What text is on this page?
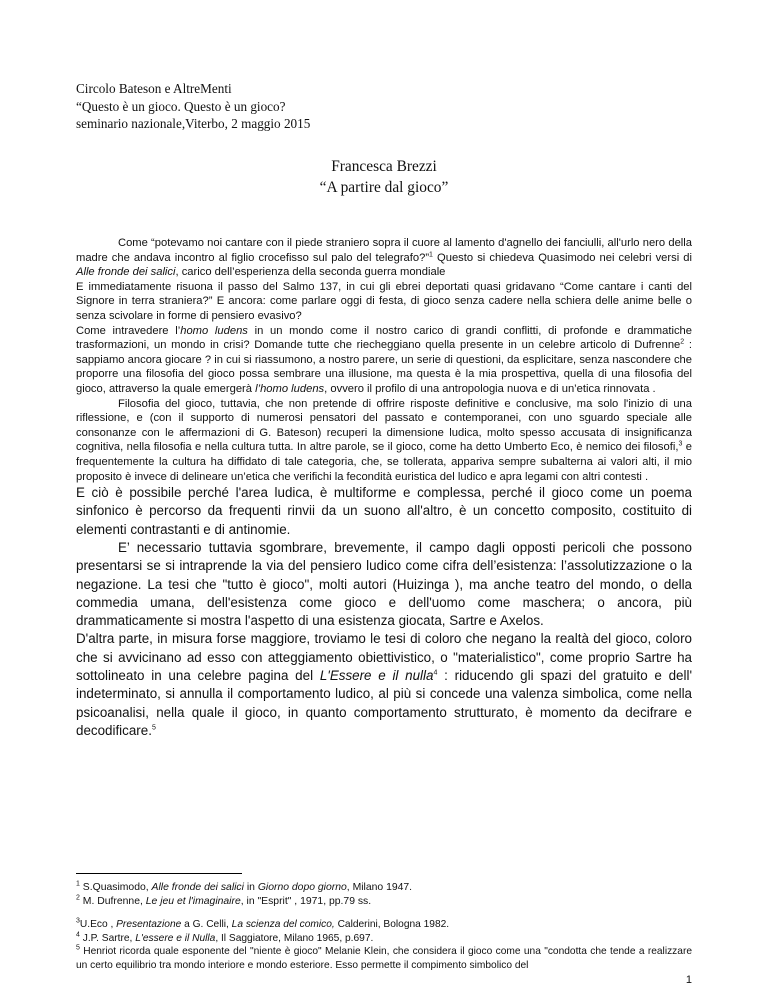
Circolo Bateson e AltreMenti
“Questo è un gioco. Questo è un gioco?
seminario nazionale,Viterbo, 2 maggio 2015
Francesca Brezzi
“A partire dal gioco”

Come “potevamo noi cantare con il piede straniero sopra il cuore al lamento d'agnello dei fanciulli, all'urlo nero della madre che andava incontro al figlio crocefisso sul palo del telegrafo?”$^1$ Questo si chiedeva Quasimodo nei celebri versi di Alle fronde dei salici, carico dell’esperienza della seconda guerra mondiale

E immediatamente risuona il passo del Salmo 137, in cui gli ebrei deportati quasi gridavano “Come cantare i canti del Signore in terra straniera?” E ancora: come parlare oggi di festa, di gioco senza cadere nella schiera delle anime belle o senza scivolare in forme di pensiero evasivo?

Come intravedere l’homo ludens in un mondo come il nostro carico di grandi conflitti, di profonde e drammatiche trasformazioni, un mondo in crisi? Domande tutte che riecheggiano quella presente in un celebre articolo di Dufrenne$^2$ : sappiamo ancora giocare ? in cui si riassumono, a nostro parere, un serie di questioni, da esplicitare, senza nascondere che proporre una filosofia del gioco possa sembrare una illusione, ma questa è la mia prospettiva, quella di una filosofia del gioco, attraverso la quale emergerà l’homo ludens, ovvero il profilo di una antropologia nuova e di un’etica rinnovata .

Filosofia del gioco, tuttavia, che non pretende di offrire risposte definitive e conclusive, ma solo l'inizio di una riflessione, e (con il supporto di numerosi pensatori del passato e contemporanei, con uno sguardo speciale alle consonanze con le affermazioni di G. Bateson) recuperi la dimensione ludica, molto spesso accusata di insignificanza cognitiva, nella filosofia e nella cultura tutta. In altre parole, se il gioco, come ha detto Umberto Eco, è nemico dei filosofi,$^3$ e frequentemente la cultura ha diffidato di tale categoria, che, se tollerata, appariva sempre subalterna ai valori alti, il mio proposito è invece di delineare un’etica che verifichi la fecondità euristica del ludico e apra legami con altri contesti .

E ciò è possibile perché l'area ludica, è multiforme e complessa, perché il gioco come un poema sinfonico è percorso da frequenti rinvii da un suono all'altro, è un concetto composito, costituito di elementi contrastanti e di antinomie.

E’ necessario tuttavia sgombrare, brevemente, il campo dagli opposti pericoli che possono presentarsi se si intraprende la via del pensiero ludico come cifra dell’esistenza: l’assolutizzazione o la negazione. La tesi che "tutto è gioco", molti autori (Huizinga ), ma anche teatro del mondo, o della commedia umana, dell'esistenza come gioco e dell'uomo come maschera; o ancora, più drammaticamente si mostra l'aspetto di una esistenza giocata, Sartre e Axelos.

D'altra parte, in misura forse maggiore, troviamo le tesi di coloro che negano la realtà del gioco, coloro che si avvicinano ad esso con atteggiamento obiettivistico, o "materialistico", come proprio Sartre ha sottolineato in una celebre pagina del L'Essere e il nulla$^4$ : riducendo gli spazi del gratuito e dell' indeterminato, si annulla il comportamento ludico, al più si concede una valenza simbolica, come nella psicoanalisi, nella quale il gioco, in quanto comportamento strutturato, è momento da decifrare e decodificare.$^5$

$^1$ S.Quasimodo, Alle fronde dei salici in Giorno dopo giorno, Milano 1947.

$^2$ M. Dufrenne, Le jeu et l'imaginaire, in "Esprit" , 1971, pp.79 ss.

$^3$U.Eco , Presentazione a G. Celli, La scienza del comico, Calderini, Bologna 1982.

$^4$ J.P. Sartre, L'essere e il Nulla, Il Saggiatore, Milano 1965, p.697.

$^5$ Henriot ricorda quale esponente del "niente è gioco" Melanie Klein, che considera il gioco come una "condotta che tende a realizzare un certo equilibrio tra mondo interiore e mondo esteriore. Esso permette il compimento simbolico del

1
